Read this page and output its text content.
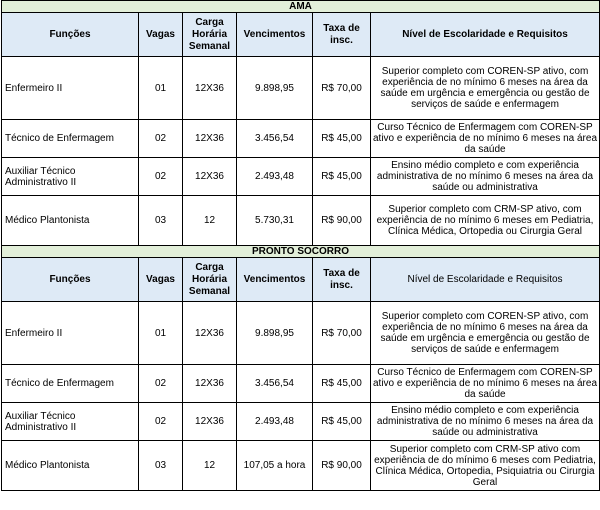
AMA					
Funções	Vagas	Carga Horária Semanal	Vencimentos	Taxa de insc.	Nível de Escolaridade e Requisitos
Enfermeiro II	01	12X36	9.898,95	R$ 70,00	Superior completo com COREN-SP ativo, com experiência de no mínimo 6 meses na área da saúde em urgência e emergência ou gestão de serviços de saúde e enfermagem
Técnico de Enfermagem	02	12X36	3.456,54	R$ 45,00	Curso Técnico de Enfermagem com COREN-SP ativo e experiência de no mínimo 6 meses na área da saúde
Auxiliar Técnico Administrativo II	02	12X36	2.493,48	R$ 45,00	Ensino médio completo e com experiência administrativa de no mínimo 6 meses na área da saúde ou administrativa
Médico Plantonista	03	12	5.730,31	R$ 90,00	Superior completo com CRM-SP ativo, com experiência de no mínimo 6 meses em Pediatria, Clínica Médica, Ortopedia ou Cirurgia Geral
PRONTO SOCORRO					
Funções	Vagas	Carga Horária Semanal	Vencimentos	Taxa de insc.	Nível de Escolaridade e Requisitos
Enfermeiro II	01	12X36	9.898,95	R$ 70,00	Superior completo com COREN-SP ativo, com experiência de no mínimo 6 meses na área da saúde em urgência e emergência ou gestão de serviços de saúde e enfermagem
Técnico de Enfermagem	02	12X36	3.456,54	R$ 45,00	Curso Técnico de Enfermagem com COREN-SP ativo e experiência de no mínimo 6 meses na área da saúde
Auxiliar Técnico Administrativo II	02	12X36	2.493,48	R$ 45,00	Ensino médio completo e com experiência administrativa de no mínimo 6 meses na área da saúde ou administrativa
Médico Plantonista	03	12	107,05 a hora	R$ 90,00	Superior completo com CRM-SP ativo com experiência de do mínimo 6 meses com Pediatria, Clínica Médica, Ortopedia, Psiquiatria ou Cirurgia Geral
